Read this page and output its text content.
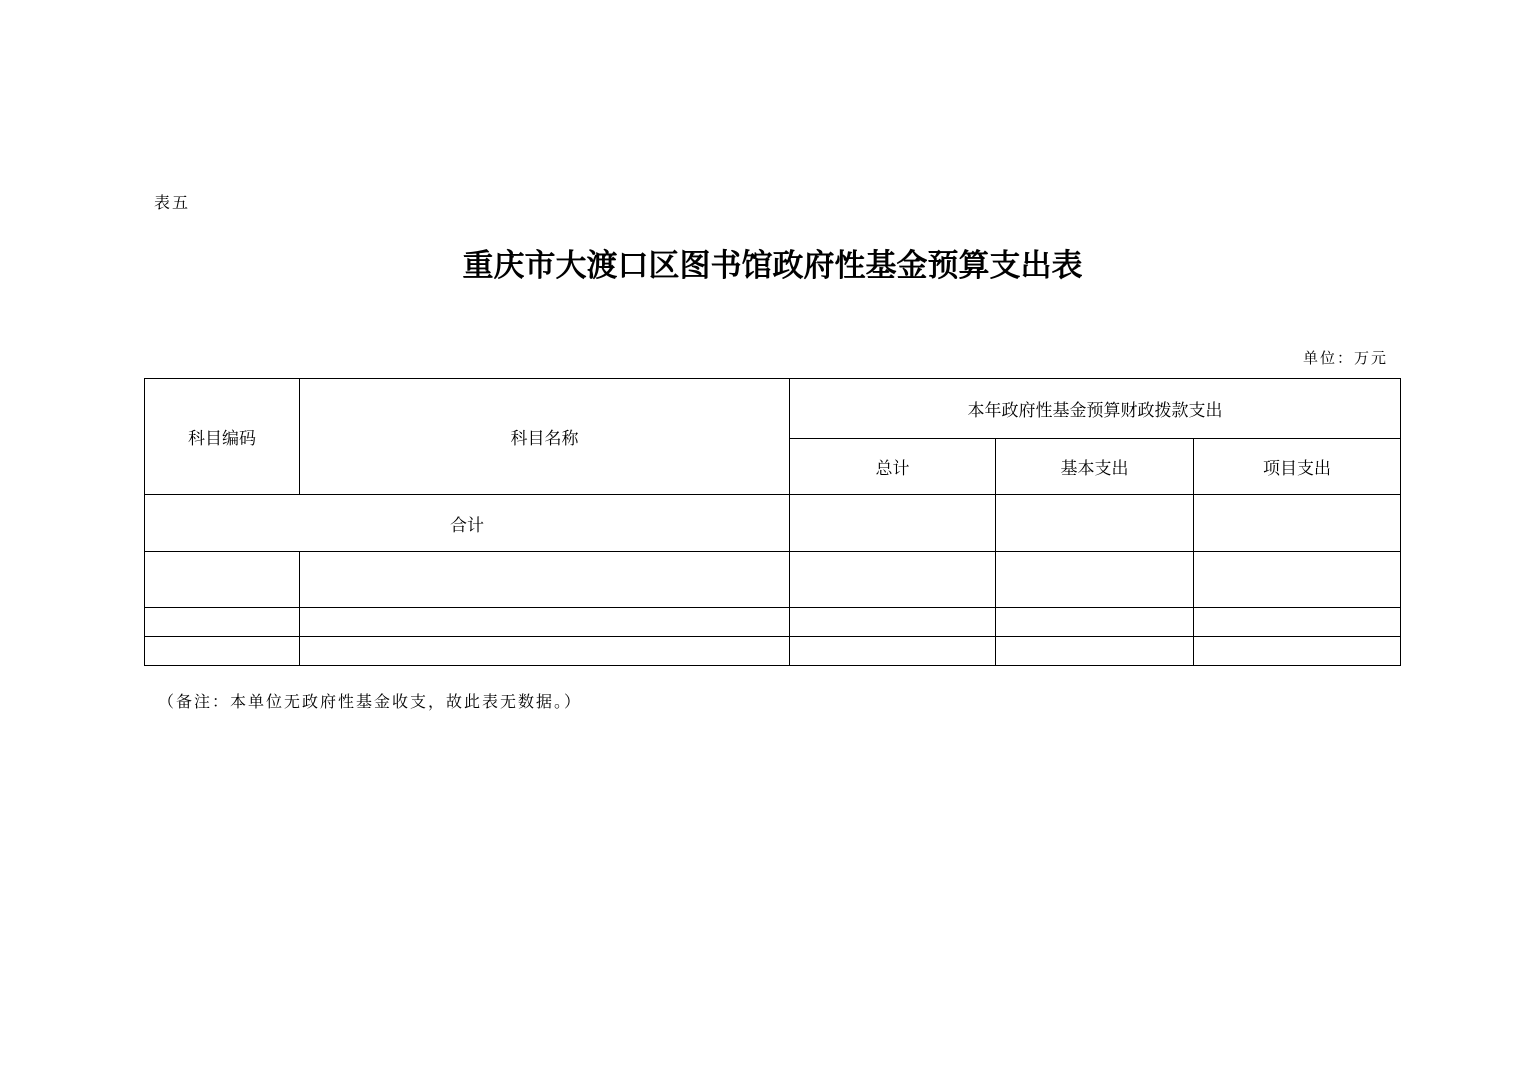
表五
重庆市大渡口区图书馆政府性基金预算支出表
单位：万元
科目编码	科目名称	本年政府性基金预算财政拨款支出		
		总计	基本支出	项目支出
合计				

（备注：本单位无政府性基金收支，故此表无数据。）
